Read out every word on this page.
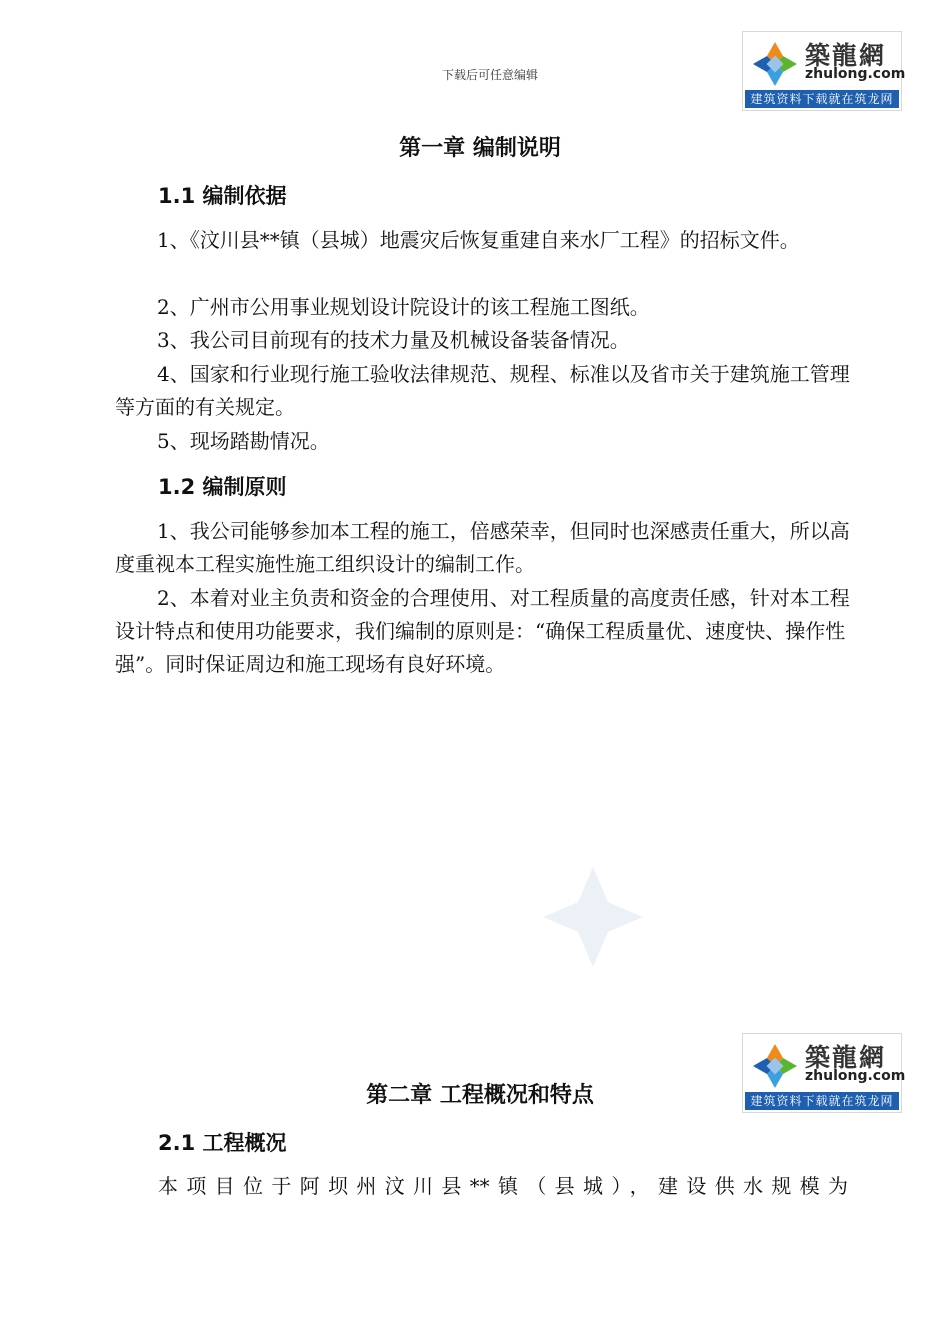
下载后可任意编辑
築龍網
zhulong.com
建筑资料下载就在筑龙网
第一章 编制说明
1.1 编制依据

1、《汶川县**镇（县城）地震灾后恢复重建自来水厂工程》的招标文件。

2、广州市公用事业规划设计院设计的该工程施工图纸。

3、我公司目前现有的技术力量及机械设备装备情况。

4、国家和行业现行施工验收法律规范、规程、标准以及省市关于建筑施工管理等方面的有关规定。

5、现场踏勘情况。

1.2 编制原则

1、我公司能够参加本工程的施工，倍感荣幸，但同时也深感责任重大，所以高度重视本工程实施性施工组织设计的编制工作。

2、本着对业主负责和资金的合理使用、对工程质量的高度责任感，针对本工程设计特点和使用功能要求，我们编制的原则是：“确保工程质量优、速度快、操作性强”。同时保证周边和施工现场有良好环境。

築龍網
zhulong.com
建筑资料下载就在筑龙网
第二章 工程概况和特点
2.1 工程概况

本项目位于阿坝州汶川县**镇（县城），建设供水规模为
